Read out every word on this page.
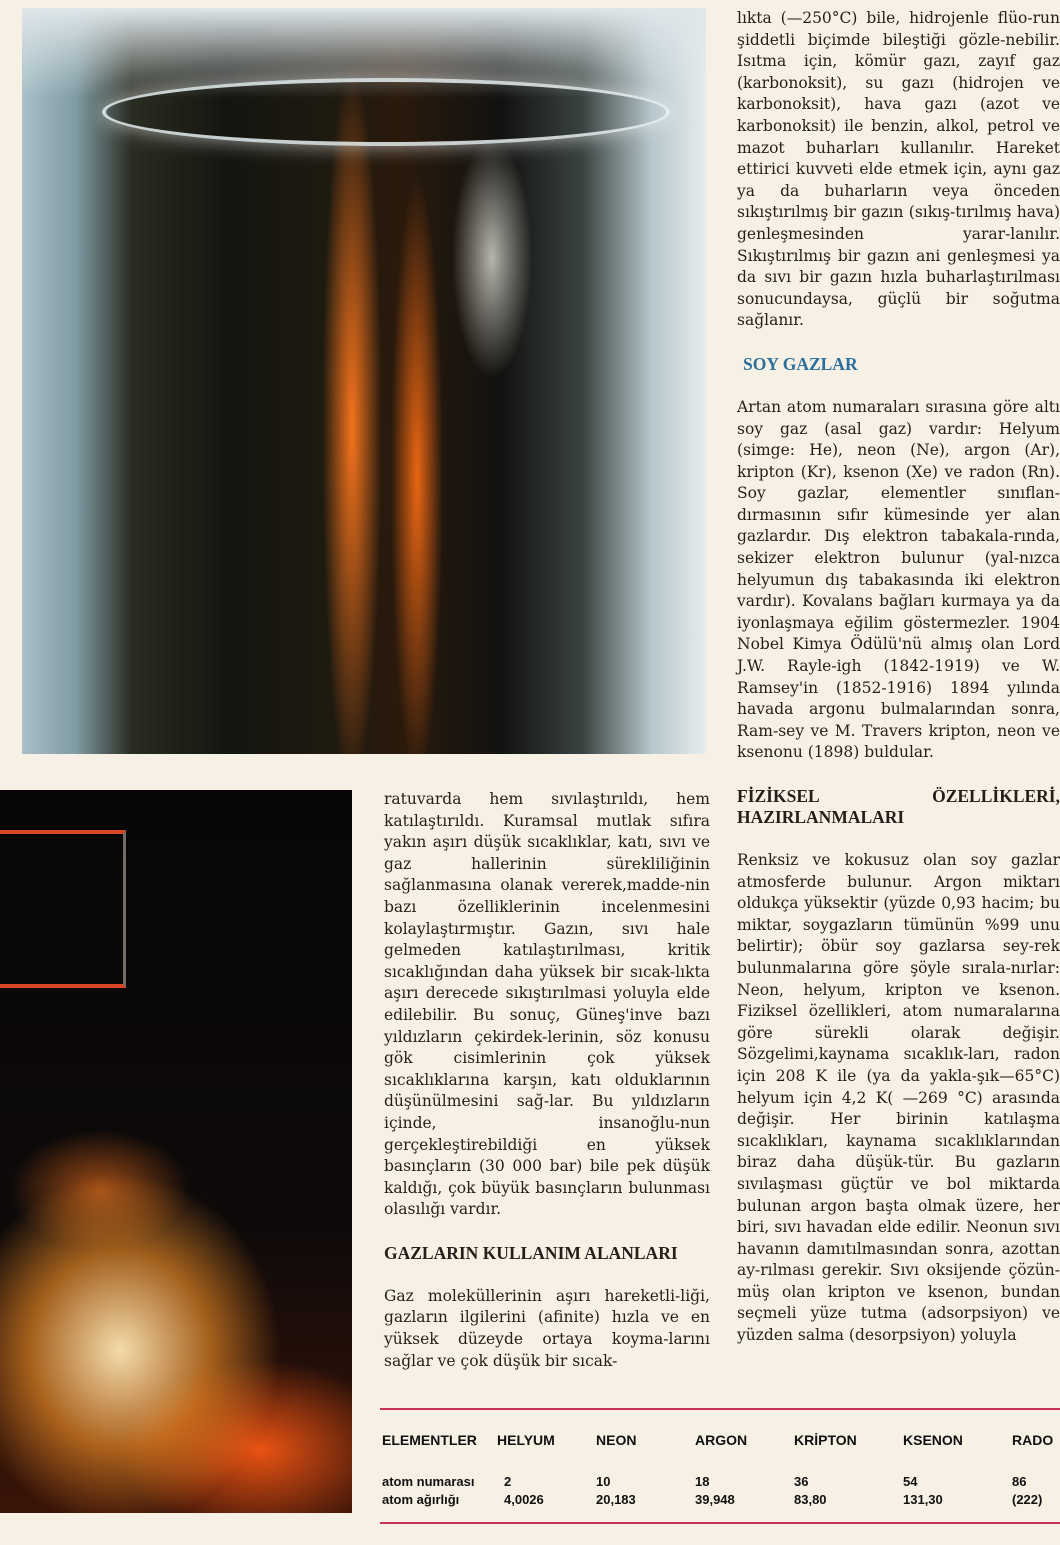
ratuvarda hem sıvılaştırıldı, hem katılaştırıldı. Kuramsal mutlak sıfıra yakın aşırı düşük sıcaklıklar, katı, sıvı ve gaz hallerinin sürekliliğinin sağlanmasına olanak vererek,madde-nin bazı özelliklerinin incelenmesini kolaylaştırmıştır. Gazın, sıvı hale gelmeden katılaştırılması, kritik sıcaklığından daha yüksek bir sıcak-lıkta aşırı derecede sıkıştırılmasi yoluyla elde edilebilir. Bu sonuç, Güneş'inve bazı yıldızların çekirdek-lerinin, söz konusu gök cisimlerinin çok yüksek sıcaklıklarına karşın, katı olduklarının düşünülmesini sağ-lar. Bu yıldızların içinde, insanoğlu-nun gerçekleştirebildiği en yüksek basınçların (30 000 bar) bile pek düşük kaldığı, çok büyük basınçların bulunması olasılığı vardır.

GAZLARIN KULLANIM ALANLARI

Gaz moleküllerinin aşırı hareketli-liği, gazların ilgilerini (afinite) hızla ve en yüksek düzeyde ortaya koyma-larını sağlar ve çok düşük bir sıcak-

lıkta (—250°C) bile, hidrojenle flüo-run şiddetli biçimde bileştiği gözle-nebilir. Isıtma için, kömür gazı, zayıf gaz (karbonoksit), su gazı (hidrojen ve karbonoksit), hava gazı (azot ve karbonoksit) ile benzin, alkol, petrol ve mazot buharları kullanılır. Hareket ettirici kuvveti elde etmek için, aynı gaz ya da buharların veya önceden sıkıştırılmış bir gazın (sıkış-tırılmış hava) genleşmesinden yarar-lanılır. Sıkıştırılmış bir gazın ani genleşmesi ya da sıvı bir gazın hızla buharlaştırılması sonucundaysa, güçlü bir soğutma sağlanır.

SOY GAZLAR

Artan atom numaraları sırasına göre altı soy gaz (asal gaz) vardır: Helyum (simge: He), neon (Ne), argon (Ar), kripton (Kr), ksenon (Xe) ve radon (Rn). Soy gazlar, elementler sınıflan-dırmasının sıfır kümesinde yer alan gazlardır. Dış elektron tabakala-rında, sekizer elektron bulunur (yal-nızca helyumun dış tabakasında iki elektron vardır). Kovalans bağları kurmaya ya da iyonlaşmaya eğilim göstermezler. 1904 Nobel Kimya Ödülü'nü almış olan Lord J.W. Rayle-igh (1842-1919) ve W. Ramsey'in (1852-1916) 1894 yılında havada argonu bulmalarından sonra, Ram-sey ve M. Travers kripton, neon ve ksenonu (1898) buldular.

FİZİKSEL ÖZELLİKLERİ, HAZIRLANMALARI

Renksiz ve kokusuz olan soy gazlar atmosferde bulunur. Argon miktarı oldukça yüksektir (yüzde 0,93 hacim; bu miktar, soygazların tümünün %99 unu belirtir); öbür soy gazlarsa sey-rek bulunmalarına göre şöyle sırala-nırlar: Neon, helyum, kripton ve ksenon. Fiziksel özellikleri, atom numaralarına göre sürekli olarak değişir. Sözgelimi,kaynama sıcaklık-ları, radon için 208 K ile (ya da yakla-şık—65°C) helyum için 4,2 K( —269 °C) arasında değişir. Her birinin katılaşma sıcaklıkları, kaynama sıcaklıklarından biraz daha düşük-tür. Bu gazların sıvılaşması güçtür ve bol miktarda bulunan argon başta olmak üzere, her biri, sıvı havadan elde edilir. Neonun sıvı havanın damıtılmasından sonra, azottan ay-rılması gerekir. Sıvı oksijende çözün-müş olan kripton ve ksenon, bundan seçmeli yüze tutma (adsorpsiyon) ve yüzden salma (desorpsiyon) yoluyla

ELEMENTLER HELYUM	NEON	ARGON	KRİPTON	KSENON	RADO
atom numarası 2	10	18	36	54	86
atom ağırlığı	4,0026	20,183	39,948	83,80	131,30	(222)
